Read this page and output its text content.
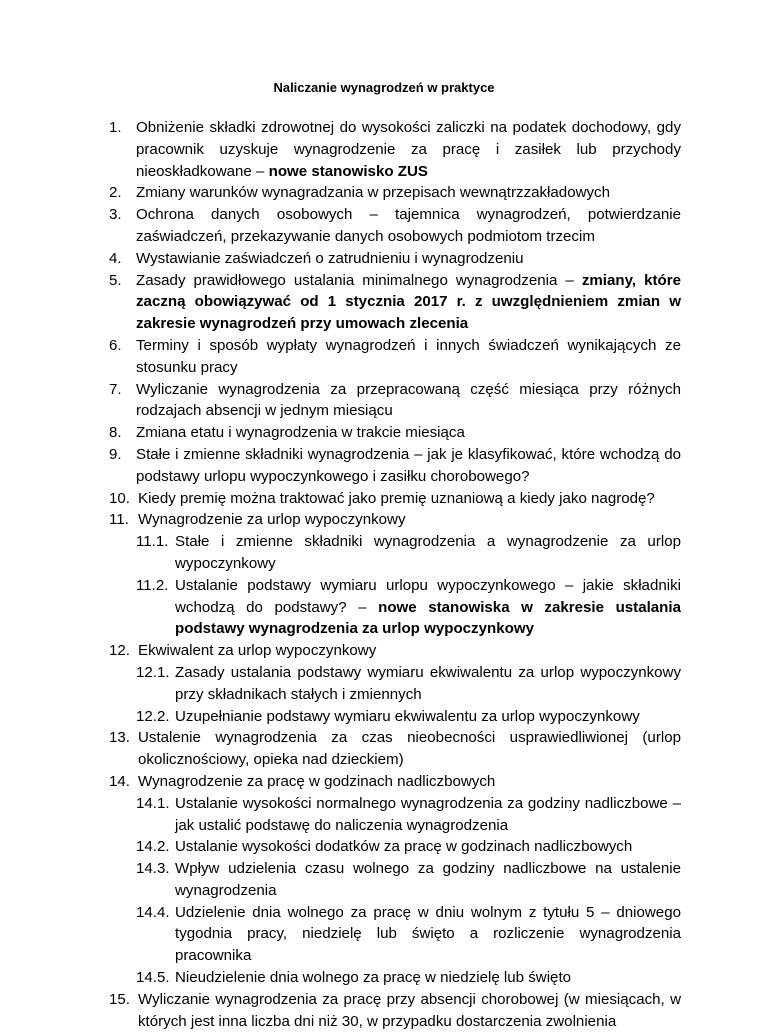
Naliczanie wynagrodzeń w praktyce
1. Obniżenie składki zdrowotnej do wysokości zaliczki na podatek dochodowy, gdy pracownik uzyskuje wynagrodzenie za pracę i zasiłek lub przychody nieoskładkowane – nowe stanowisko ZUS
2. Zmiany warunków wynagradzania w przepisach wewnątrzzakładowych
3. Ochrona danych osobowych – tajemnica wynagrodzeń, potwierdzanie zaświadczeń, przekazywanie danych osobowych podmiotom trzecim
4. Wystawianie zaświadczeń o zatrudnieniu i wynagrodzeniu
5. Zasady prawidłowego ustalania minimalnego wynagrodzenia – zmiany, które zaczną obowiązywać od 1 stycznia 2017 r. z uwzględnieniem zmian w zakresie wynagrodzeń przy umowach zlecenia
6. Terminy i sposób wypłaty wynagrodzeń i innych świadczeń wynikających ze stosunku pracy
7. Wyliczanie wynagrodzenia za przepracowaną część miesiąca przy różnych rodzajach absencji w jednym miesiącu
8. Zmiana etatu i wynagrodzenia w trakcie miesiąca
9. Stałe i zmienne składniki wynagrodzenia – jak je klasyfikować, które wchodzą do podstawy urlopu wypoczynkowego i zasiłku chorobowego?
10. Kiedy premię można traktować jako premię uznaniową a kiedy jako nagrodę?
11. Wynagrodzenie za urlop wypoczynkowy
11.1. Stałe i zmienne składniki wynagrodzenia a wynagrodzenie za urlop wypoczynkowy
11.2. Ustalanie podstawy wymiaru urlopu wypoczynkowego – jakie składniki wchodzą do podstawy? – nowe stanowiska w zakresie ustalania podstawy wynagrodzenia za urlop wypoczynkowy
12. Ekwiwalent za urlop wypoczynkowy
12.1. Zasady ustalania podstawy wymiaru ekwiwalentu za urlop wypoczynkowy przy składnikach stałych i zmiennych
12.2. Uzupełnianie podstawy wymiaru ekwiwalentu za urlop wypoczynkowy
13. Ustalenie wynagrodzenia za czas nieobecności usprawiedliwionej (urlop okolicznościowy, opieka nad dzieckiem)
14. Wynagrodzenie za pracę w godzinach nadliczbowych
14.1. Ustalanie wysokości normalnego wynagrodzenia za godziny nadliczbowe – jak ustalić podstawę do naliczenia wynagrodzenia
14.2. Ustalanie wysokości dodatków za pracę w godzinach nadliczbowych
14.3. Wpływ udzielenia czasu wolnego za godziny nadliczbowe na ustalenie wynagrodzenia
14.4. Udzielenie dnia wolnego za pracę w dniu wolnym z tytułu 5 – dniowego tygodnia pracy, niedzielę lub święto a rozliczenie wynagrodzenia pracownika
14.5. Nieudzielenie dnia wolnego za pracę w niedzielę lub święto
15. Wyliczanie wynagrodzenia za pracę przy absencji chorobowej (w miesiącach, w których jest inna liczba dni niż 30, w przypadku dostarczenia zwolnienia
